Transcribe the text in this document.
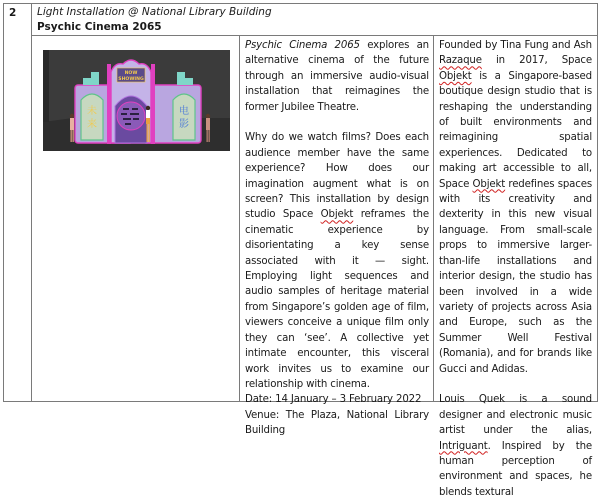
2 Light Installation @ National Library Building
Psychic Cinema 2065
未
来
电
影
NOW
SHOWING

Psychic Cinema 2065 explores an alternative cinema of the future through an immersive audio-visual installation that reimagines the former Jubilee Theatre.

Why do we watch films? Does each audience member have the same experience? How does our imagination augment what is on screen? This installation by design studio Space Objekt reframes the cinematic experience by disorientating a key sense associated with it — sight. Employing light sequences and audio samples of heritage material from Singapore’s golden age of film, viewers conceive a unique film only they can ‘see’. A collective yet intimate encounter, this visceral work invites us to examine our relationship with cinema.

Date: 14 January – 3 February 2022

Venue: The Plaza, National Library Building

Founded by Tina Fung and Ash Razaque in 2017, Space Objekt is a Singapore-based boutique design studio that is reshaping the understanding of built environments and reimagining spatial experiences. Dedicated to making art accessible to all, Space Objekt redefines spaces with its creativity and dexterity in this new visual language. From small-scale props to immersive larger-than-life installations and interior design, the studio has been involved in a wide variety of projects across Asia and Europe, such as the Summer Well Festival (Romania), and for brands like Gucci and Adidas.

Louis Quek is a sound designer and electronic music artist under the alias, Intriguant. Inspired by the human perception of environment and spaces, he blends textural
